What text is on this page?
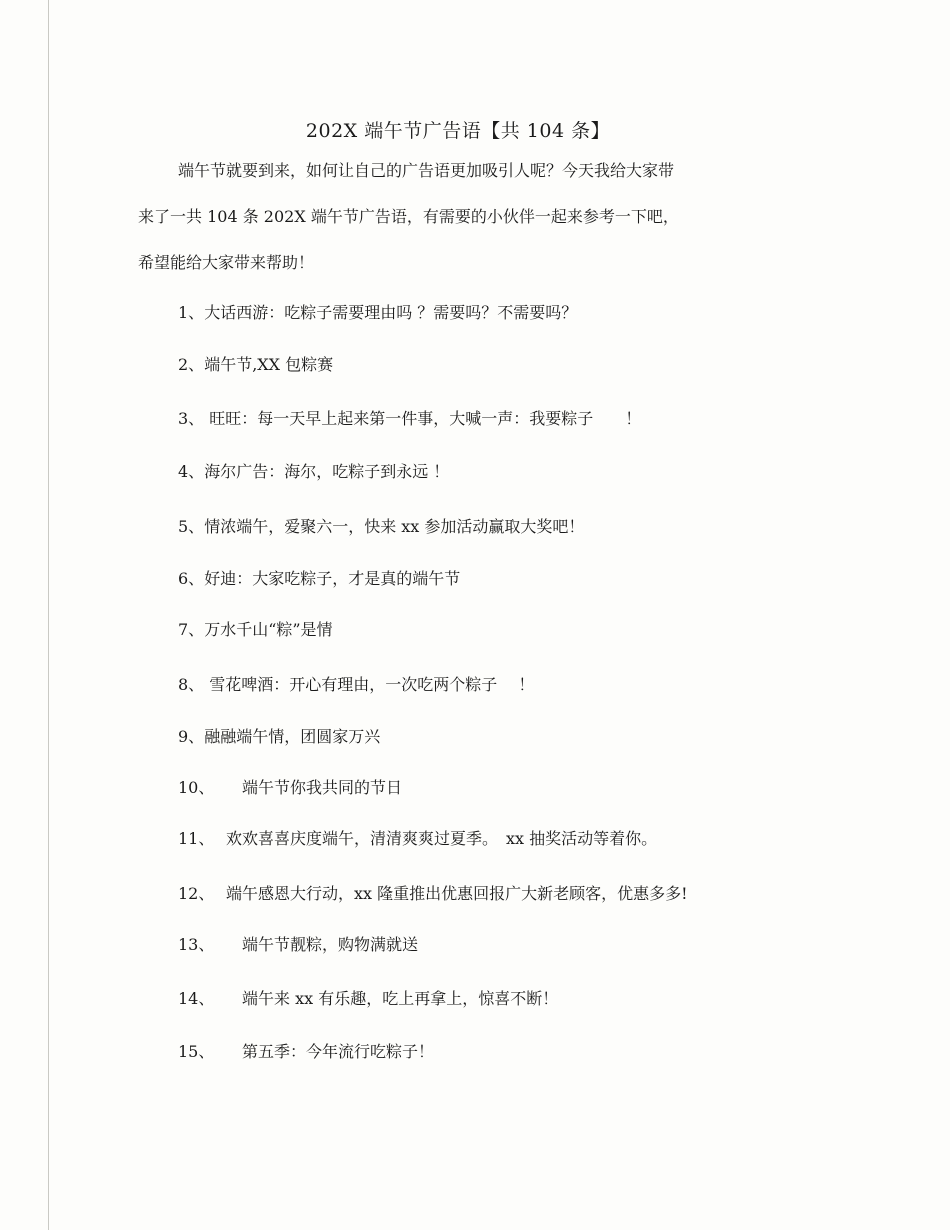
202X 端午节广告语【共 104 条】

端午节就要到来，如何让自己的广告语更加吸引人呢？今天我给大家带

来了一共 104 条 202X 端午节广告语，有需要的小伙伴一起来参考一下吧，

希望能给大家带来帮助！

1、大话西游：吃粽子需要理由吗 ？需要吗？不需要吗？
2、端午节,XX 包粽赛
3、 旺旺：每一天早上起来第一件事，大喊一声：我要粽子　　！
4、海尔广告：海尔，吃粽子到永远 ！
5、情浓端午，爱聚六一，快来 xx 参加活动赢取大奖吧！
6、好迪：大家吃粽子，才是真的端午节
7、万水千山“粽”是情
8、 雪花啤酒：开心有理由，一次吃两个粽子　 ！
9、融融端午情，团圆家万兴
10、 端午节你我共同的节日
11、 欢欢喜喜庆度端午，清清爽爽过夏季。　xx 抽奖活动等着你。
12、 端午感恩大行动，xx 隆重推出优惠回报广大新老顾客，优惠多多!
13、 端午节靓粽，购物满就送
14、 端午来 xx 有乐趣，吃上再拿上，惊喜不断！
15、 第五季：今年流行吃粽子！
